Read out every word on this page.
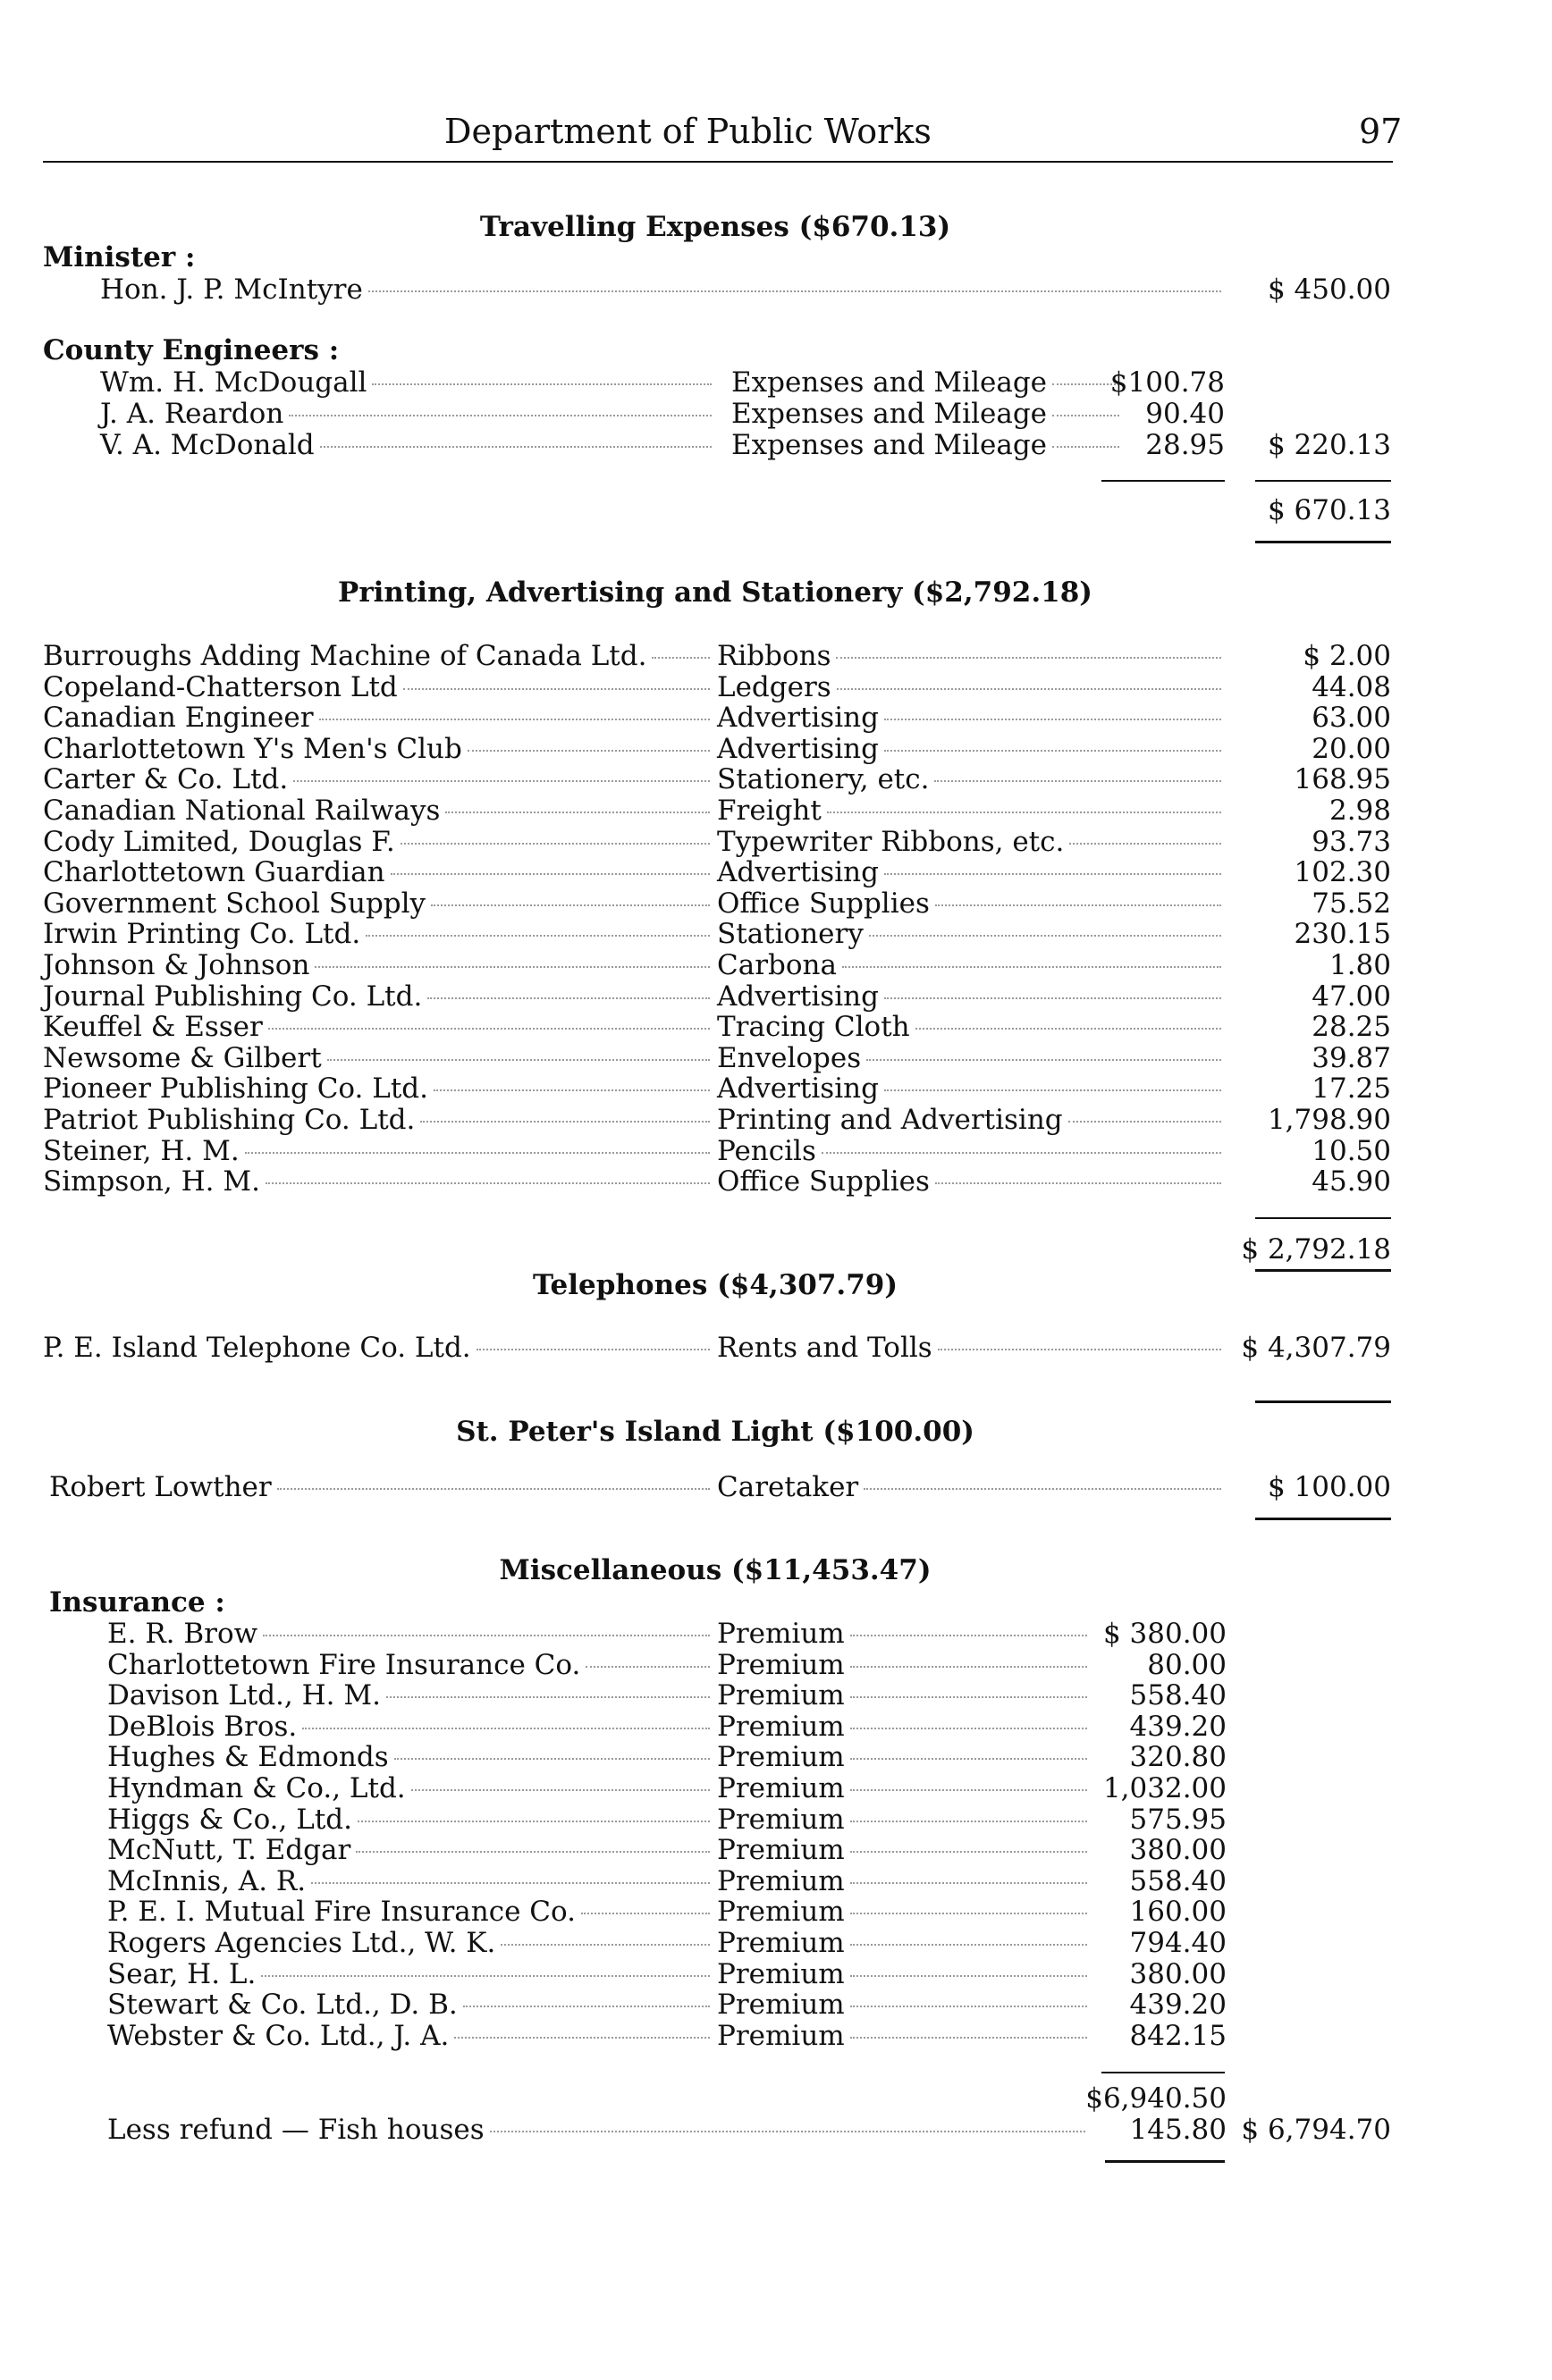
Department of Public Works	97
Travelling Expenses ($670.13)
Minister :
Hon. J. P. McIntyre	$ 450.00
County Engineers :
Wm. H. McDougall	Expenses and Mileage	$100.78
J. A. Reardon	Expenses and Mileage	90.40
V. A. McDonald	Expenses and Mileage	28.95	$ 220.13
$ 670.13
Printing, Advertising and Stationery ($2,792.18)
Burroughs Adding Machine of Canada Ltd.	Ribbons	$ 2.00
Copeland-Chatterson Ltd	Ledgers	44.08
Canadian Engineer	Advertising	63.00
Charlottetown Y's Men's Club	Advertising	20.00
Carter & Co. Ltd.	Stationery, etc.	168.95
Canadian National Railways	Freight	2.98
Cody Limited, Douglas F.	Typewriter Ribbons, etc.	93.73
Charlottetown Guardian	Advertising	102.30
Government School Supply	Office Supplies	75.52
Irwin Printing Co. Ltd.	Stationery	230.15
Johnson & Johnson	Carbona	1.80
Journal Publishing Co. Ltd.	Advertising	47.00
Keuffel & Esser	Tracing Cloth	28.25
Newsome & Gilbert	Envelopes	39.87
Pioneer Publishing Co. Ltd.	Advertising	17.25
Patriot Publishing Co. Ltd.	Printing and Advertising	1,798.90
Steiner, H. M.	Pencils	10.50
Simpson, H. M.	Office Supplies	45.90
$ 2,792.18
Telephones ($4,307.79)
P. E. Island Telephone Co. Ltd.	Rents and Tolls	$ 4,307.79
St. Peter's Island Light ($100.00)
Robert Lowther	Caretaker	$ 100.00
Miscellaneous ($11,453.47)
Insurance :
E. R. Brow	Premium	$ 380.00
Charlottetown Fire Insurance Co.	Premium	80.00
Davison Ltd., H. M.	Premium	558.40
DeBlois Bros.	Premium	439.20
Hughes & Edmonds	Premium	320.80
Hyndman & Co., Ltd.	Premium	1,032.00
Higgs & Co., Ltd.	Premium	575.95
McNutt, T. Edgar	Premium	380.00
McInnis, A. R.	Premium	558.40
P. E. I. Mutual Fire Insurance Co.	Premium	160.00
Rogers Agencies Ltd., W. K.	Premium	794.40
Sear, H. L.	Premium	380.00
Stewart & Co. Ltd., D. B.	Premium	439.20
Webster & Co. Ltd., J. A.	Premium	842.15
$6,940.50
Less refund — Fish houses	145.80 $ 6,794.70
